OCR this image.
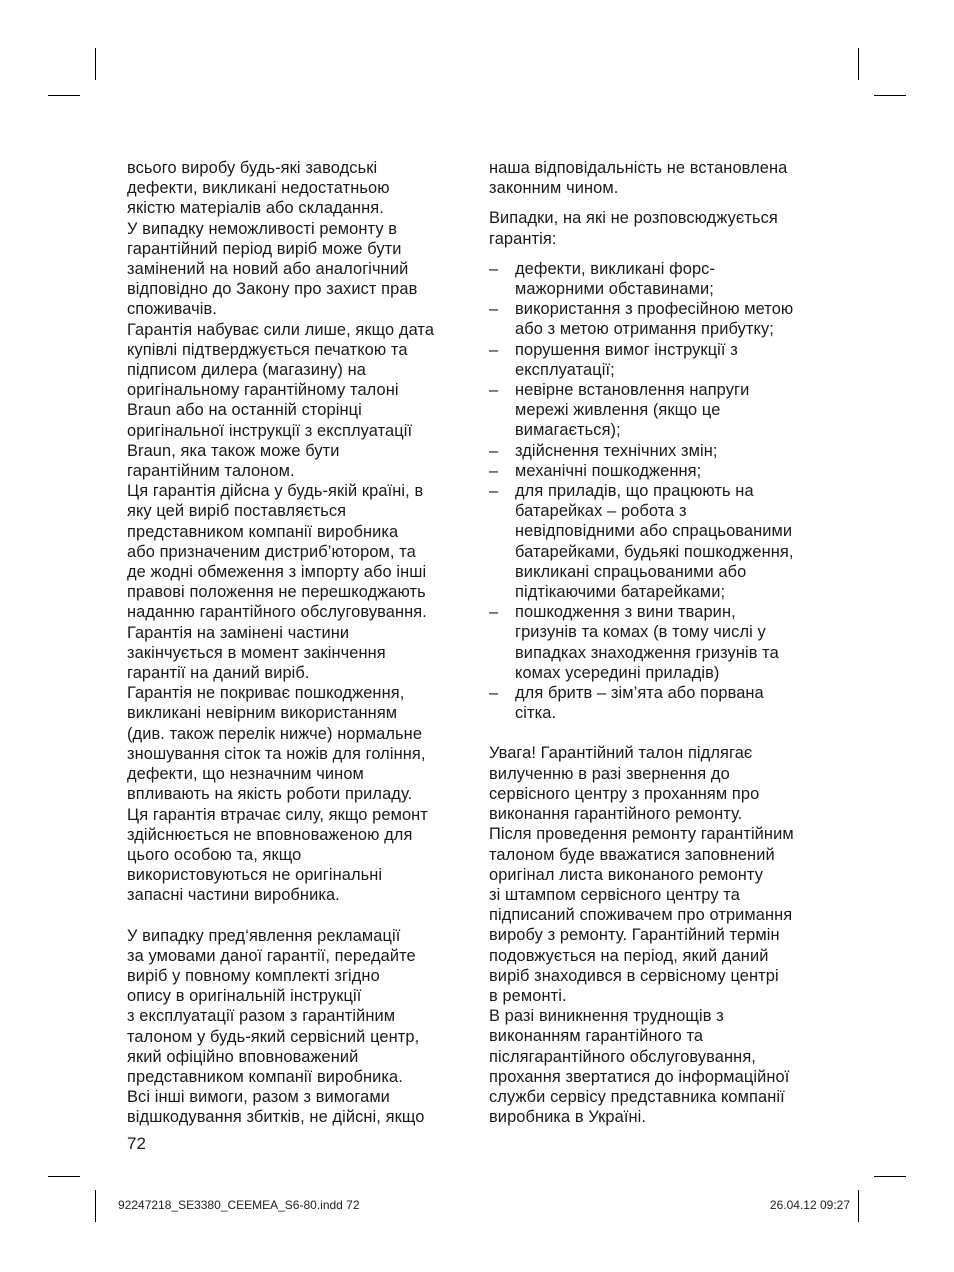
всього виробу будь-які заводські
дефекти, викликані недостатньою
якістю матеріалів або складання.
У випадку неможливості ремонту в
гарантійний період виріб може бути
замінений на новий або аналогічний
відповідно до Закону про захист прав
споживачів.
Гарантія набуває сили лише, якщо дата
купівлі підтверджується печаткою та
підписом дилера (магазину) на
оригінальному гарантійному талоні
Braun або на останній сторінці
оригінальної інструкції з експлуатації
Braun, яка також може бути
гарантійним талоном.
Ця гарантія дійсна у будь-якій країні, в
яку цей виріб поставляється
представником компанії виробника
або призначеним дистриб’ютором, та
де жодні обмеження з імпорту або інші
правові положення не перешкоджають
наданню гарантійного обслуговування.
Гарантія на замінені частини
закінчується в момент закінчення
гарантії на даний виріб.
Гарантія не покриває пошкодження,
викликані невірним використанням
(див. також перелік нижче) нормальне
зношування сіток та ножів для гоління,
дефекти, що незначним чином
впливають на якість роботи приладу.
Ця гарантія втрачає силу, якщо ремонт
здійснюється не вповноваженою для
цього особою та, якщо
використовуються не оригінальні
запасні частини виробника.
У випадку пред‘явлення рекламації
за умовами даної гарантії, передайте
виріб у повному комплекті згідно
опису в оригінальній інструкції
з експлуатації разом з гарантійним
талоном у будь-який сервісний центр,
який офіційно вповноважений
представником компанії виробника.
Всі інші вимоги, разом з вимогами
відшкодування збитків, не дійсні, якщо
наша відповідальність не встановлена
законним чином.
Випадки, на які не розповсюджується
гарантія:
–	дефекти, викликані форс-
мажорними обставинами;
–	використання з професійною метою
або з метою отримання прибутку;
–	порушення вимог інструкції з
експлуатації;
–	невірне встановлення напруги
мережі живлення (якщо це
вимагається);
–	здійснення технічних змін;
–	механічні пошкодження;
–	для приладів, що працюють на
батарейках – робота з
невідповідними або спрацьованими
батарейками, будьякі пошкодження,
викликані спрацьованими або
підтікаючими батарейками;
–	пошкодження з вини тварин,
гризунів та комах (в тому числі у
випадках знаходження гризунів та
комах усередині приладів)
–	для бритв – зім’ята або порвана
сітка.
Увага! Гарантійний талон підлягає
вилученню в разі звернення до
сервісного центру з проханням про
виконання гарантійного ремонту.
Після проведення ремонту гарантійним
талоном буде вважатися заповнений
оригінал листа виконаного ремонту
зі штампом сервісного центру та
підписаний споживачем про отримання
виробу з ремонту. Гарантійний термін
подовжується на період, який даний
виріб знаходився в сервісному центрі
в ремонті.
В разі виникнення труднощів з
виконанням гарантійного та
післягарантійного обслуговування,
прохання звертатися до інформаційної
служби сервісу представника компанії
виробника в Україні.
72
92247218_SE3380_CEEMEA_S6-80.indd 72	26.04.12 09:27
